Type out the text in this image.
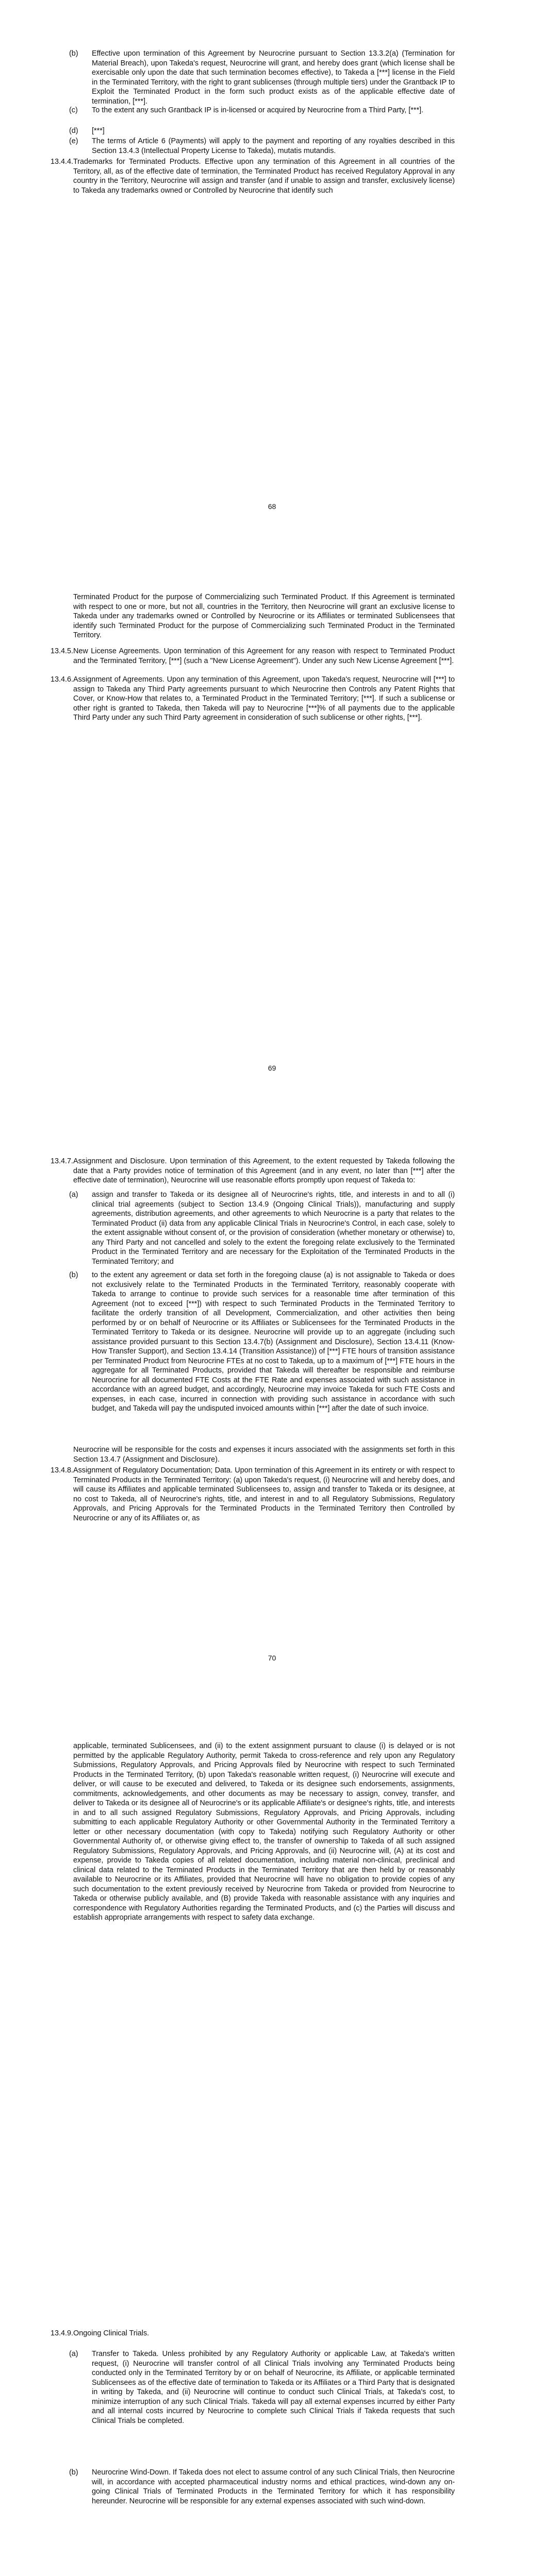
(b) Effective upon termination of this Agreement by Neurocrine pursuant to Section 13.3.2(a) (Termination for Material Breach), upon Takeda's request, Neurocrine will grant, and hereby does grant (which license shall be exercisable only upon the date that such termination becomes effective), to Takeda a [***] license in the Field in the Terminated Territory, with the right to grant sublicenses (through multiple tiers) under the Grantback IP to Exploit the Terminated Product in the form such product exists as of the applicable effective date of termination, [***].
(c) To the extent any such Grantback IP is in-licensed or acquired by Neurocrine from a Third Party, [***].
(d) [***]
(e) The terms of Article 6 (Payments) will apply to the payment and reporting of any royalties described in this Section 13.4.3 (Intellectual Property License to Takeda), mutatis mutandis.
13.4.4. Trademarks for Terminated Products. Effective upon any termination of this Agreement in all countries of the Territory, all, as of the effective date of termination, the Terminated Product has received Regulatory Approval in any country in the Territory, Neurocrine will assign and transfer (and if unable to assign and transfer, exclusively license) to Takeda any trademarks owned or Controlled by Neurocrine that identify such
68
Terminated Product for the purpose of Commercializing such Terminated Product. If this Agreement is terminated with respect to one or more, but not all, countries in the Territory, then Neurocrine will grant an exclusive license to Takeda under any trademarks owned or Controlled by Neurocrine or its Affiliates or terminated Sublicensees that identify such Terminated Product for the purpose of Commercializing such Terminated Product in the Terminated Territory.
13.4.5. New License Agreements. Upon termination of this Agreement for any reason with respect to Terminated Product and the Terminated Territory, [***] (such a "New License Agreement"). Under any such New License Agreement [***].
13.4.6. Assignment of Agreements. Upon any termination of this Agreement, upon Takeda's request, Neurocrine will [***] to assign to Takeda any Third Party agreements pursuant to which Neurocrine then Controls any Patent Rights that Cover, or Know-How that relates to, a Terminated Product in the Terminated Territory; [***]. If such a sublicense or other right is granted to Takeda, then Takeda will pay to Neurocrine [***]% of all payments due to the applicable Third Party under any such Third Party agreement in consideration of such sublicense or other rights, [***].
69
13.4.7. Assignment and Disclosure. Upon termination of this Agreement, to the extent requested by Takeda following the date that a Party provides notice of termination of this Agreement (and in any event, no later than [***] after the effective date of termination), Neurocrine will use reasonable efforts promptly upon request of Takeda to:
(a) assign and transfer to Takeda or its designee all of Neurocrine's rights, title, and interests in and to all (i) clinical trial agreements (subject to Section 13.4.9 (Ongoing Clinical Trials)), manufacturing and supply agreements, distribution agreements, and other agreements to which Neurocrine is a party that relates to the Terminated Product (ii) data from any applicable Clinical Trials in Neurocrine's Control, in each case, solely to the extent assignable without consent of, or the provision of consideration (whether monetary or otherwise) to, any Third Party and not cancelled and solely to the extent the foregoing relate exclusively to the Terminated Product in the Terminated Territory and are necessary for the Exploitation of the Terminated Products in the Terminated Territory; and
(b) to the extent any agreement or data set forth in the foregoing clause (a) is not assignable to Takeda or does not exclusively relate to the Terminated Products in the Terminated Territory, reasonably cooperate with Takeda to arrange to continue to provide such services for a reasonable time after termination of this Agreement (not to exceed [***]) with respect to such Terminated Products in the Terminated Territory to facilitate the orderly transition of all Development, Commercialization, and other activities then being performed by or on behalf of Neurocrine or its Affiliates or Sublicensees for the Terminated Products in the Terminated Territory to Takeda or its designee. Neurocrine will provide up to an aggregate (including such assistance provided pursuant to this Section 13.4.7(b) (Assignment and Disclosure), Section 13.4.11 (Know-How Transfer Support), and Section 13.4.14 (Transition Assistance)) of [***] FTE hours of transition assistance per Terminated Product from Neurocrine FTEs at no cost to Takeda, up to a maximum of [***] FTE hours in the aggregate for all Terminated Products, provided that Takeda will thereafter be responsible and reimburse Neurocrine for all documented FTE Costs at the FTE Rate and expenses associated with such assistance in accordance with an agreed budget, and accordingly, Neurocrine may invoice Takeda for such FTE Costs and expenses, in each case, incurred in connection with providing such assistance in accordance with such budget, and Takeda will pay the undisputed invoiced amounts within [***] after the date of such invoice.
Neurocrine will be responsible for the costs and expenses it incurs associated with the assignments set forth in this Section 13.4.7 (Assignment and Disclosure).
13.4.8. Assignment of Regulatory Documentation; Data. Upon termination of this Agreement in its entirety or with respect to Terminated Products in the Terminated Territory: (a) upon Takeda's request, (i) Neurocrine will and hereby does, and will cause its Affiliates and applicable terminated Sublicensees to, assign and transfer to Takeda or its designee, at no cost to Takeda, all of Neurocrine's rights, title, and interest in and to all Regulatory Submissions, Regulatory Approvals, and Pricing Approvals for the Terminated Products in the Terminated Territory then Controlled by Neurocrine or any of its Affiliates or, as
70
applicable, terminated Sublicensees, and (ii) to the extent assignment pursuant to clause (i) is delayed or is not permitted by the applicable Regulatory Authority, permit Takeda to cross-reference and rely upon any Regulatory Submissions, Regulatory Approvals, and Pricing Approvals filed by Neurocrine with respect to such Terminated Products in the Terminated Territory, (b) upon Takeda's reasonable written request, (i) Neurocrine will execute and deliver, or will cause to be executed and delivered, to Takeda or its designee such endorsements, assignments, commitments, acknowledgements, and other documents as may be necessary to assign, convey, transfer, and deliver to Takeda or its designee all of Neurocrine's or its applicable Affiliate's or designee's rights, title, and interests in and to all such assigned Regulatory Submissions, Regulatory Approvals, and Pricing Approvals, including submitting to each applicable Regulatory Authority or other Governmental Authority in the Terminated Territory a letter or other necessary documentation (with copy to Takeda) notifying such Regulatory Authority or other Governmental Authority of, or otherwise giving effect to, the transfer of ownership to Takeda of all such assigned Regulatory Submissions, Regulatory Approvals, and Pricing Approvals, and (ii) Neurocrine will, (A) at its cost and expense, provide to Takeda copies of all related documentation, including material non-clinical, preclinical and clinical data related to the Terminated Products in the Terminated Territory that are then held by or reasonably available to Neurocrine or its Affiliates, provided that Neurocrine will have no obligation to provide copies of any such documentation to the extent previously received by Neurocrine from Takeda or provided from Neurocrine to Takeda or otherwise publicly available, and (B) provide Takeda with reasonable assistance with any inquiries and correspondence with Regulatory Authorities regarding the Terminated Products, and (c) the Parties will discuss and establish appropriate arrangements with respect to safety data exchange.
13.4.9. Ongoing Clinical Trials.
(a) Transfer to Takeda. Unless prohibited by any Regulatory Authority or applicable Law, at Takeda's written request, (i) Neurocrine will transfer control of all Clinical Trials involving any Terminated Products being conducted only in the Terminated Territory by or on behalf of Neurocrine, its Affiliate, or applicable terminated Sublicensees as of the effective date of termination to Takeda or its Affiliates or a Third Party that is designated in writing by Takeda, and (ii) Neurocrine will continue to conduct such Clinical Trials, at Takeda's cost, to minimize interruption of any such Clinical Trials. Takeda will pay all external expenses incurred by either Party and all internal costs incurred by Neurocrine to complete such Clinical Trials if Takeda requests that such Clinical Trials be completed.
(b) Neurocrine Wind-Down. If Takeda does not elect to assume control of any such Clinical Trials, then Neurocrine will, in accordance with accepted pharmaceutical industry norms and ethical practices, wind-down any on-going Clinical Trials of Terminated Products in the Terminated Territory for which it has responsibility hereunder. Neurocrine will be responsible for any external expenses associated with such wind-down.
